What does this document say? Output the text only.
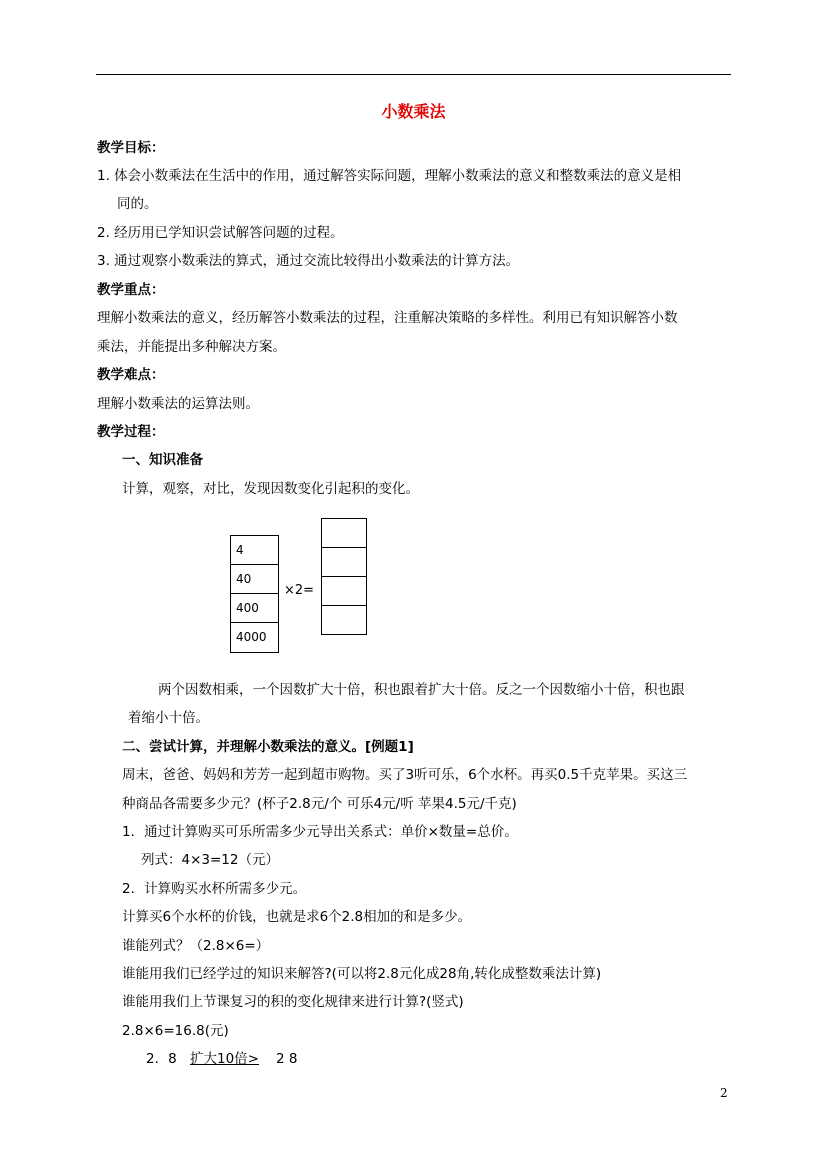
小数乘法
教学目标：
1. 体会小数乘法在生活中的作用，通过解答实际问题，理解小数乘法的意义和整数乘法的意义是相
同的。
2. 经历用已学知识尝试解答问题的过程。
3. 通过观察小数乘法的算式，通过交流比较得出小数乘法的计算方法。
教学重点：
理解小数乘法的意义，经历解答小数乘法的过程，注重解决策略的多样性。利用已有知识解答小数
乘法，并能提出多种解决方案。
教学难点：
理解小数乘法的运算法则。
教学过程：
一、知识准备
计算，观察，对比，发现因数变化引起积的变化。
4
40
400
4000
×2=
两个因数相乘，一个因数扩大十倍，积也跟着扩大十倍。反之一个因数缩小十倍，积也跟
着缩小十倍。
二、尝试计算，并理解小数乘法的意义。[例题1]
周末，爸爸、妈妈和芳芳一起到超市购物。买了3听可乐，6个水杯。再买0.5千克苹果。买这三
种商品各需要多少元？(杯子2.8元/个 可乐4元/听 苹果4.5元/千克)
1．通过计算购买可乐所需多少元导出关系式：单价×数量=总价。
列式：4×3=12（元）
2．计算购买水杯所需多少元。
计算买6个水杯的价钱，也就是求6个2.8相加的和是多少。
谁能列式？（2.8×6=）
谁能用我们已经学过的知识来解答?(可以将2.8元化成28角,转化成整数乘法计算)
谁能用我们上节课复习的积的变化规律来进行计算?(竖式)
2.8×6=16.8(元)
2．8 扩大10倍> 2 8
2
